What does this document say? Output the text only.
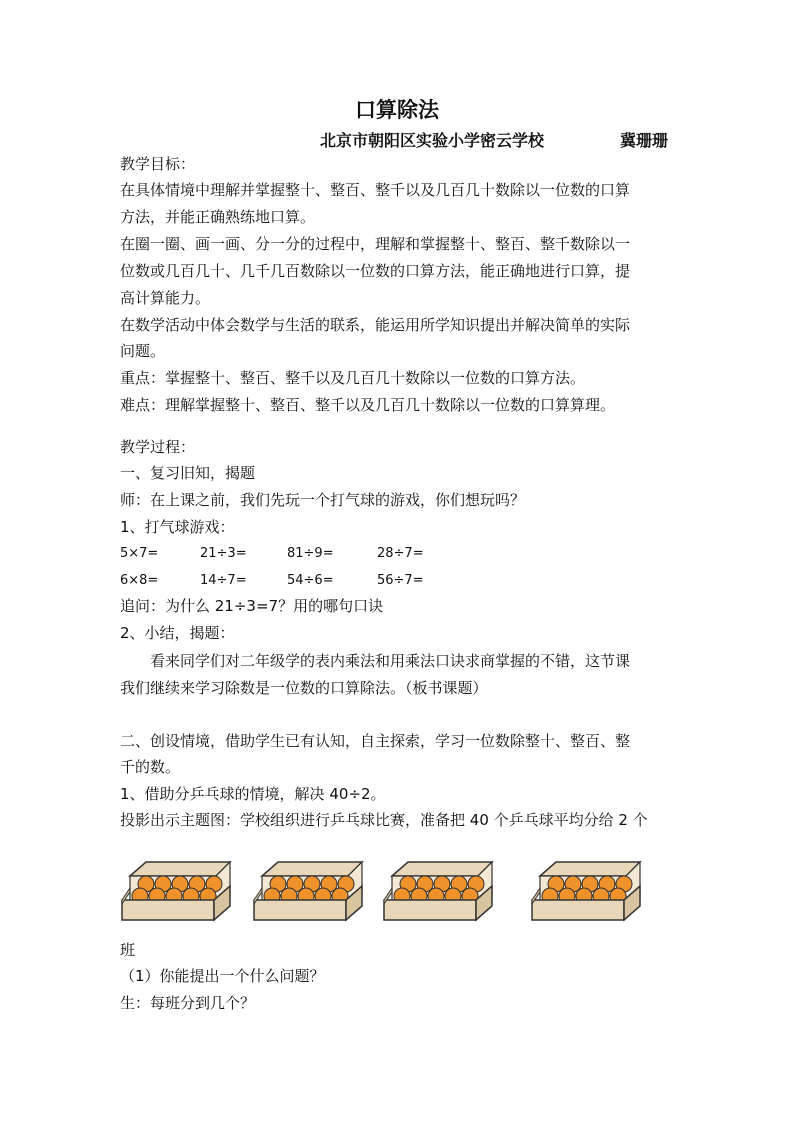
口算除法
北京市朝阳区实验小学密云学校	冀珊珊
教学目标：
在具体情境中理解并掌握整十、整百、整千以及几百几十数除以一位数的口算
方法，并能正确熟练地口算。
在圈一圈、画一画、分一分的过程中，理解和掌握整十、整百、整千数除以一
位数或几百几十、几千几百数除以一位数的口算方法，能正确地进行口算，提
高计算能力。
在数学活动中体会数学与生活的联系，能运用所学知识提出并解决简单的实际
问题。
重点：掌握整十、整百、整千以及几百几十数除以一位数的口算方法。
难点：理解掌握整十、整百、整千以及几百几十数除以一位数的口算算理。
教学过程：
一、复习旧知，揭题
师：在上课之前，我们先玩一个打气球的游戏，你们想玩吗？
1、打气球游戏：
5×7=	21÷3=	81÷9=	28÷7=
6×8=	14÷7=	54÷6=	56÷7=
追问：为什么 21÷3=7？用的哪句口诀
2、小结，揭题：
看来同学们对二年级学的表内乘法和用乘法口诀求商掌握的不错，这节课
我们继续来学习除数是一位数的口算除法。（板书课题）
二、创设情境，借助学生已有认知，自主探索，学习一位数除整十、整百、整
千的数。
1、借助分乒乓球的情境，解决 40÷2。
投影出示主题图：学校组织进行乒乓球比赛，准备把 40 个乒乓球平均分给 2 个
班
（1）你能提出一个什么问题？
生：每班分到几个？
